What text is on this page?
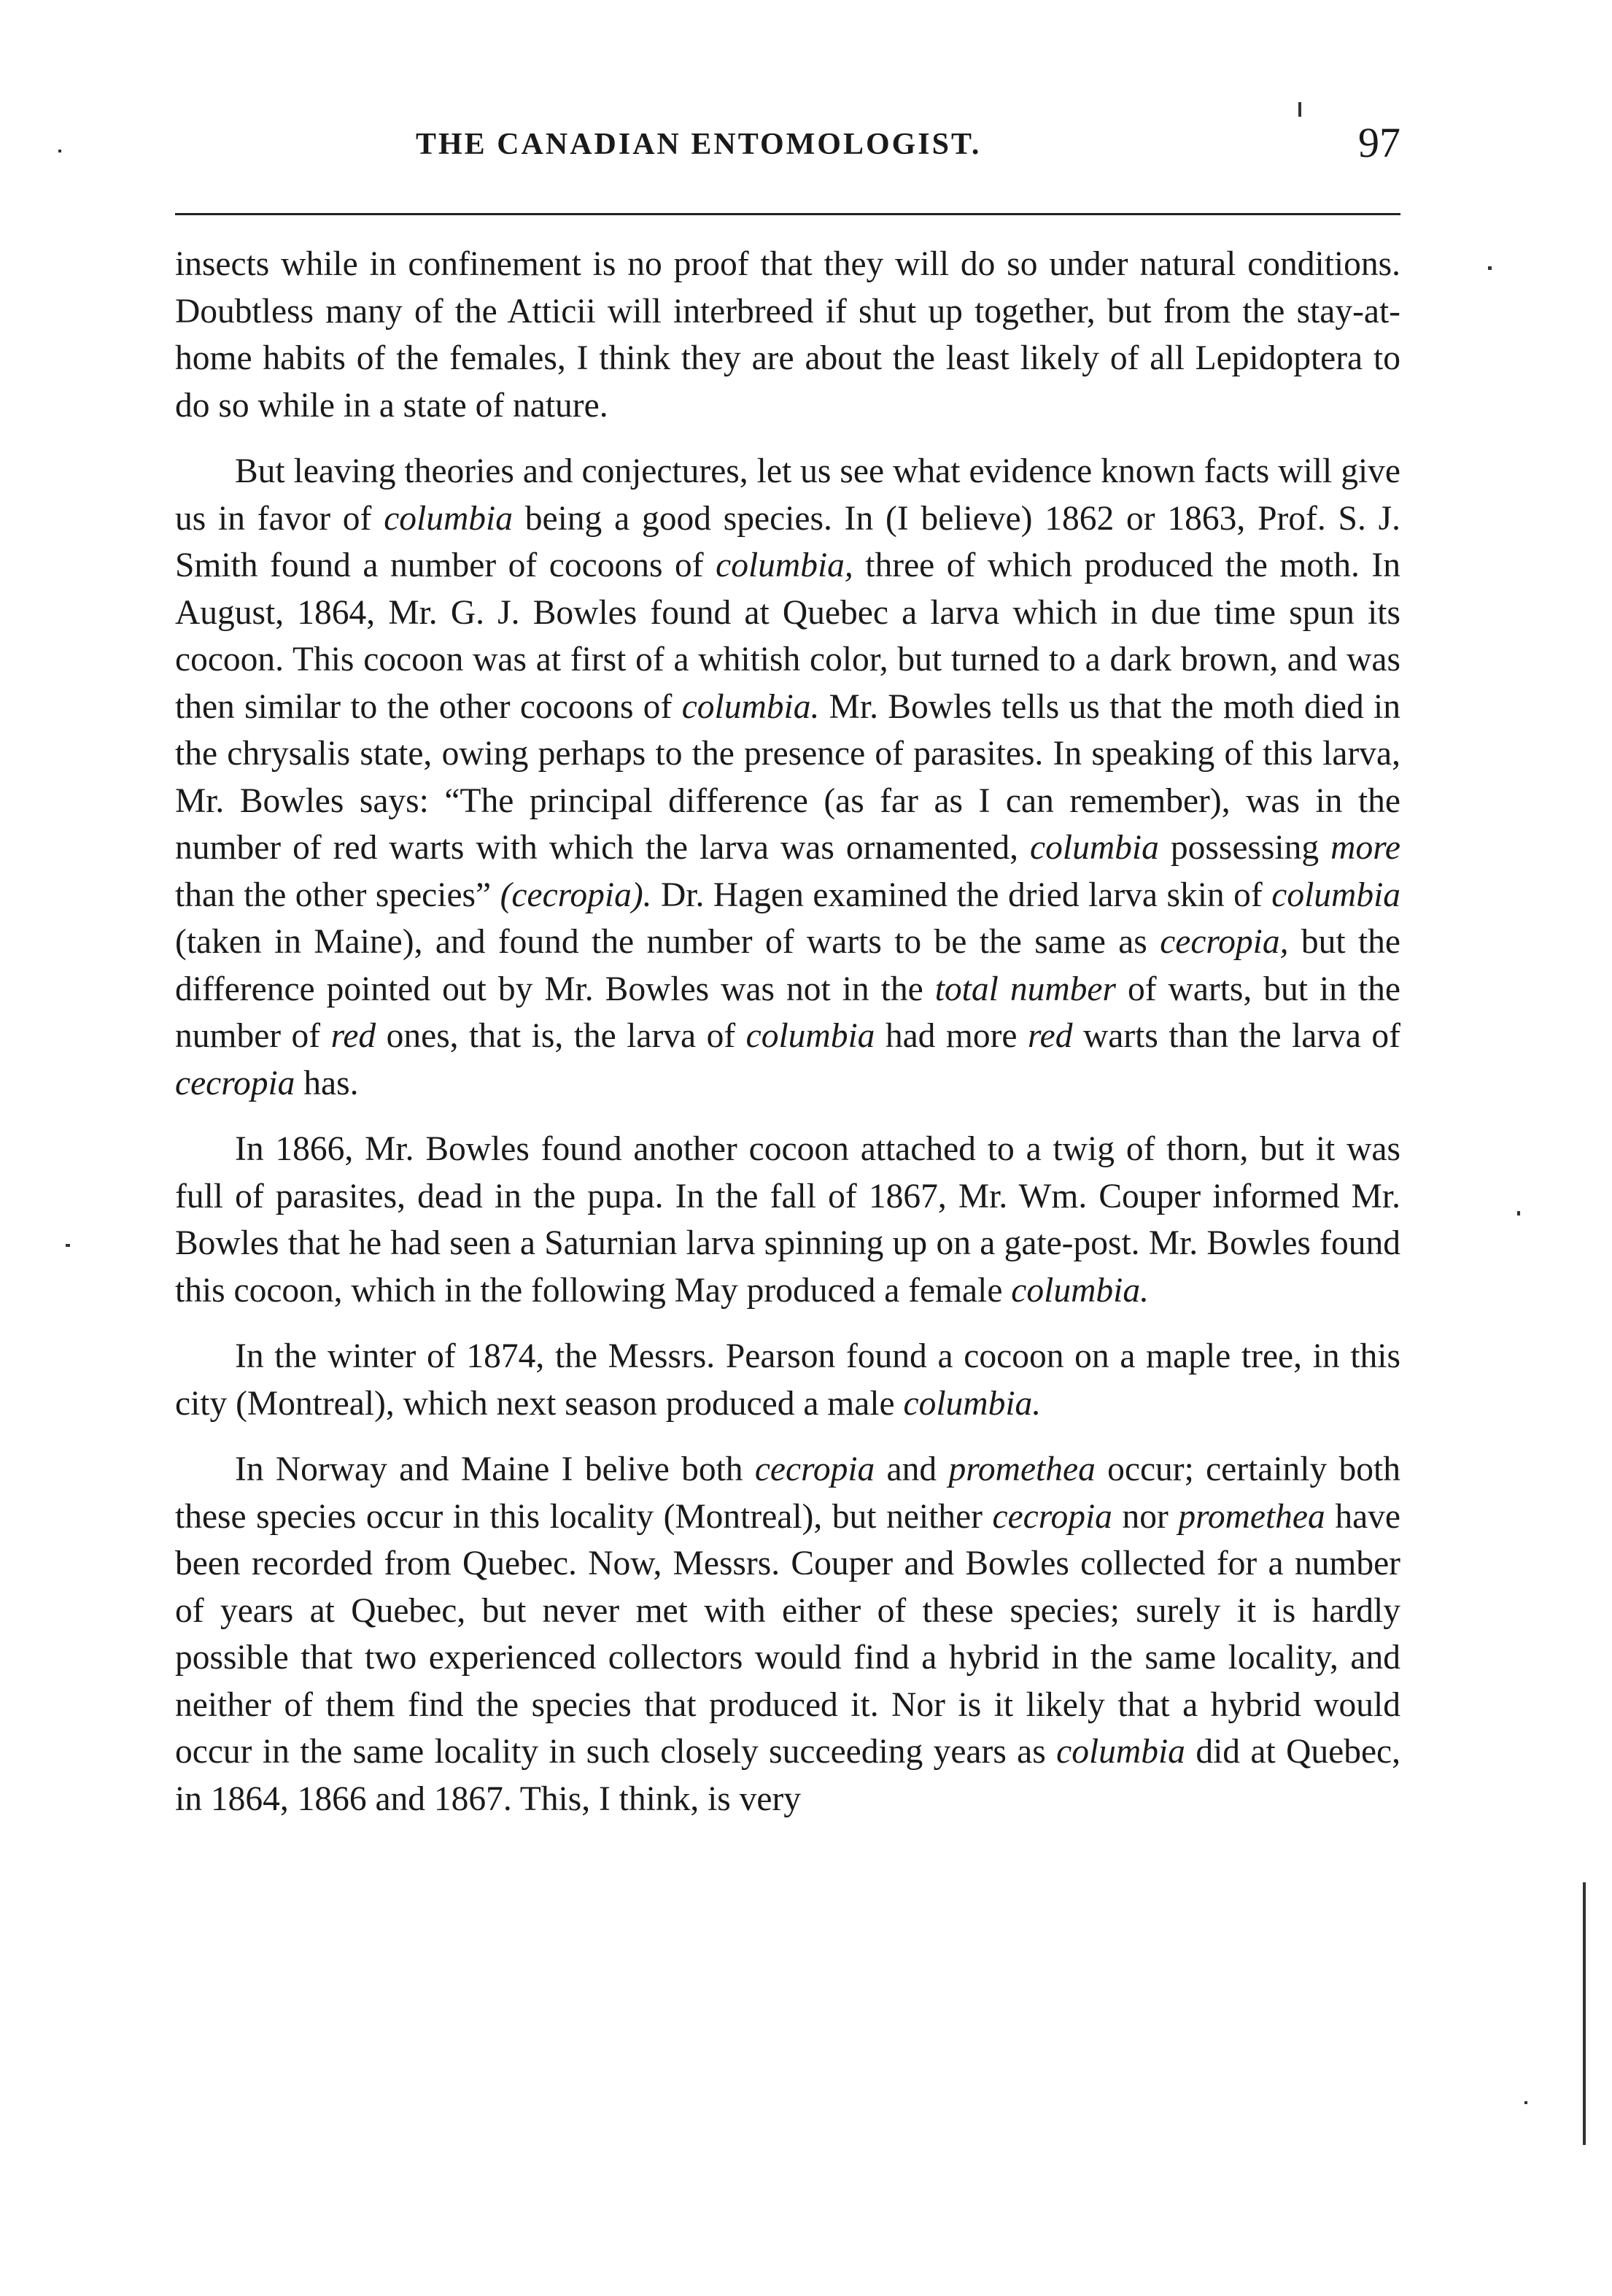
THE CANADIAN ENTOMOLOGIST.	97

insects while in confinement is no proof that they will do so under natural conditions. Doubtless many of the Atticii will interbreed if shut up together, but from the stay-at-home habits of the females, I think they are about the least likely of all Lepidoptera to do so while in a state of nature.

But leaving theories and conjectures, let us see what evidence known facts will give us in favor of columbia being a good species. In (I believe) 1862 or 1863, Prof. S. J. Smith found a number of cocoons of columbia, three of which produced the moth. In August, 1864, Mr. G. J. Bowles found at Quebec a larva which in due time spun its cocoon. This cocoon was at first of a whitish color, but turned to a dark brown, and was then similar to the other cocoons of columbia. Mr. Bowles tells us that the moth died in the chrysalis state, owing perhaps to the presence of parasites. In speaking of this larva, Mr. Bowles says: “The principal difference (as far as I can remember), was in the number of red warts with which the larva was ornamented, columbia possessing more than the other species” (cecropia). Dr. Hagen examined the dried larva skin of columbia (taken in Maine), and found the number of warts to be the same as cecropia, but the difference pointed out by Mr. Bowles was not in the total number of warts, but in the number of red ones, that is, the larva of columbia had more red warts than the larva of cecropia has.

In 1866, Mr. Bowles found another cocoon attached to a twig of thorn, but it was full of parasites, dead in the pupa. In the fall of 1867, Mr. Wm. Couper informed Mr. Bowles that he had seen a Saturnian larva spinning up on a gate-post. Mr. Bowles found this cocoon, which in the following May produced a female columbia.

In the winter of 1874, the Messrs. Pearson found a cocoon on a maple tree, in this city (Montreal), which next season produced a male columbia.

In Norway and Maine I belive both cecropia and promethea occur; certainly both these species occur in this locality (Montreal), but neither cecropia nor promethea have been recorded from Quebec. Now, Messrs. Couper and Bowles collected for a number of years at Quebec, but never met with either of these species; surely it is hardly possible that two experienced collectors would find a hybrid in the same locality, and neither of them find the species that produced it. Nor is it likely that a hybrid would occur in the same locality in such closely succeeding years as columbia did at Quebec, in 1864, 1866 and 1867. This, I think, is very
